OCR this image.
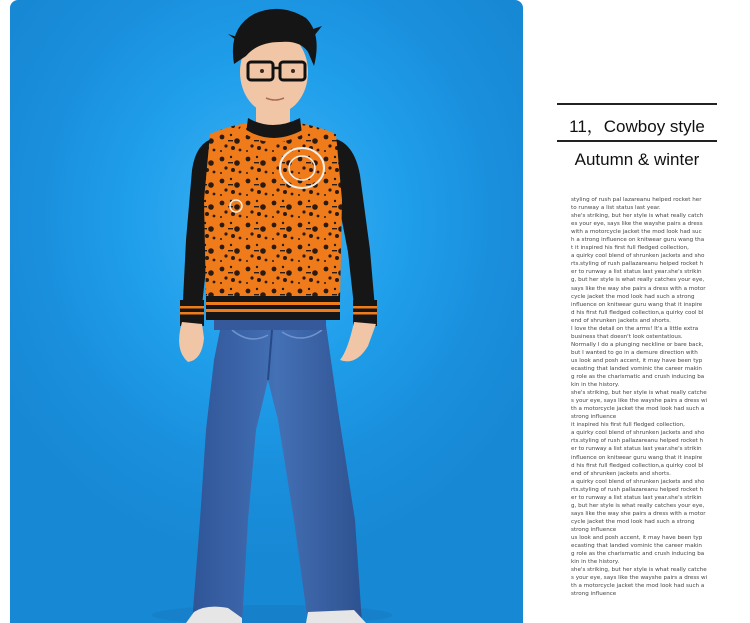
11，Cowboy style
Autumn & winter
styling of rush pal lazareanu helped rocket her
to runway a list status last year.
she's striking, but her style is what really catch
es your eye, says like the wayshe pairs a dress
with a motorcycle jacket the mod look had suc
h a strong influence on knitwear guru wang tha
t it inspired his first full fledged collection,
a quirky cool blend of shrunken jackets and sho
rts.styling of rush pallazareanu helped rocket h
er to runway a list status last year.she's strikin
g, but her style is what really catches your eye,
says like the way she pairs a dress with a motor
cycle jacket the mod look had such a strong
influence on knitwear guru wang that it inspire
d his first full fledged collection,a quirky cool bl
end of shrunken jackets and shorts.
I love the detail on the arms! It's a little extra
business that doesn't look ostentatious.
Normally I do a plunging neckline or bare back,
but I wanted to go in a demure direction with
us look and posh accent, it may have been typ
ecasting that landed vominic the career makin
g role as the charismatic and crush inducing ba
kin in the history.
she's striking, but her style is what really catche
s your eye, says like the wayshe pairs a dress wi
th a motorcycle jacket the mod look had such a
strong influence
it inspired his first full fledged collection,
a quirky cool blend of shrunken jackets and sho
rts.styling of rush pallazareanu helped rocket h
er to runway a list status last year.she's strikin
influence on knitwear guru wang that it inspire
d his first full fledged collection,a quirky cool bl
end of shrunken jackets and shorts.
a quirky cool blend of shrunken jackets and sho
rts.styling of rush pallazareanu helped rocket h
er to runway a list status last year.she's strikin
g, but her style is what really catches your eye,
says like the way she pairs a dress with a motor
cycle jacket the mod look had such a strong
strong influence
us look and posh accent, it may have been typ
ecasting that landed vominic the career makin
g role as the charismatic and crush inducing ba
kin in the history.
she's striking, but her style is what really catche
s your eye, says like the wayshe pairs a dress wi
th a motorcycle jacket the mod look had such a
strong influence
